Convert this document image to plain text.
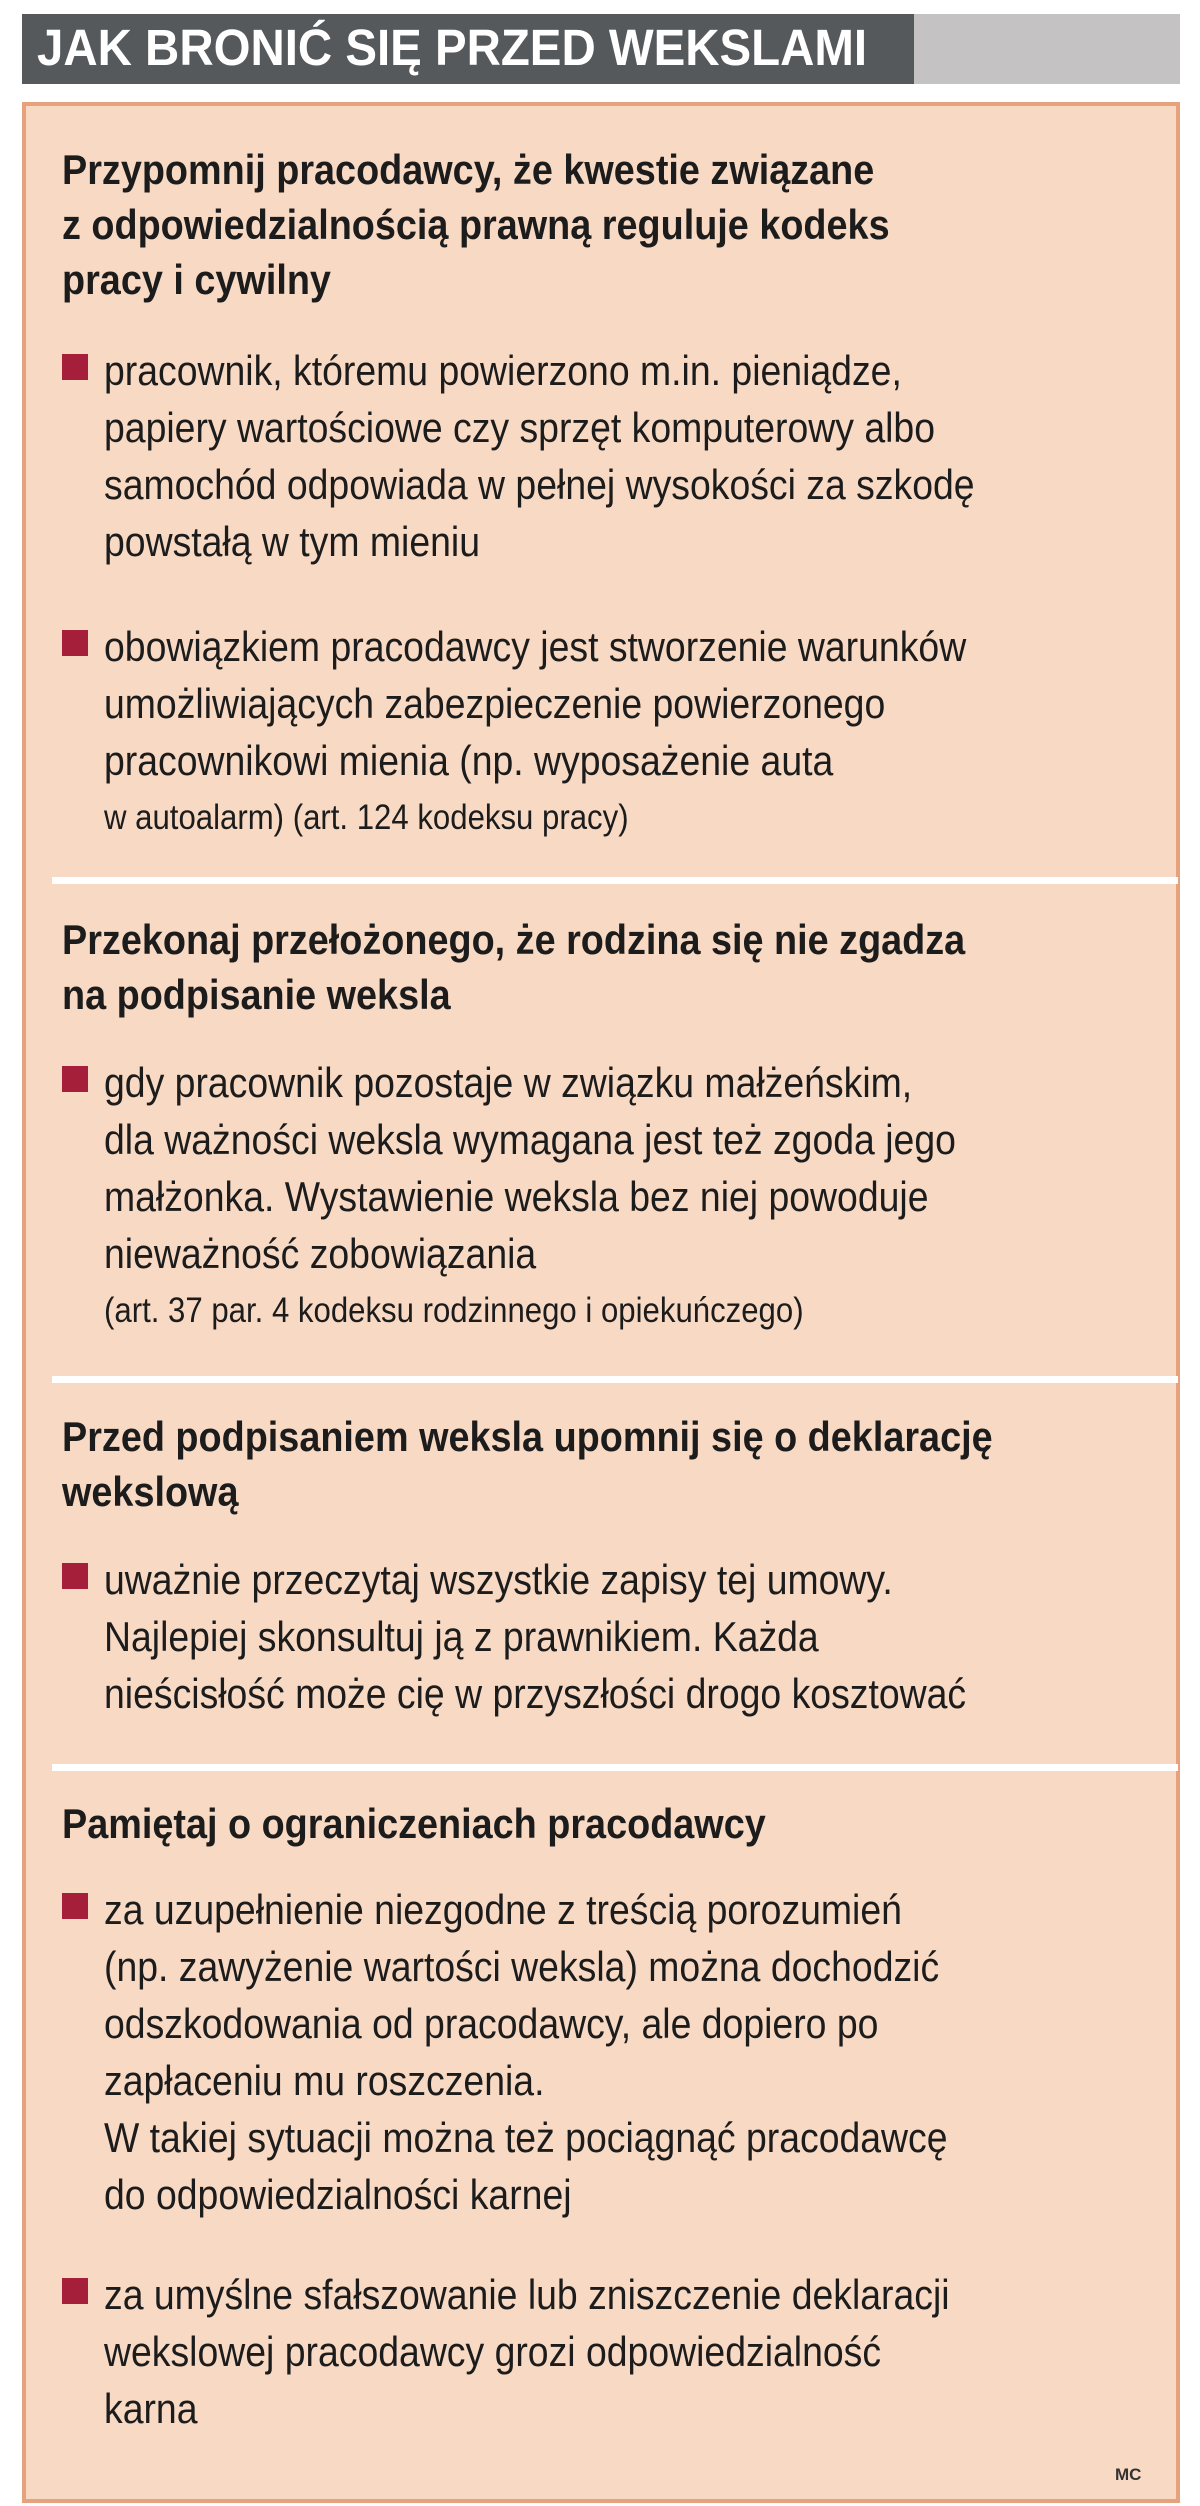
JAK BRONIĆ SIĘ PRZED WEKSLAMI
Przypomnij pracodawcy, że kwestie związane
z odpowiedzialnością prawną reguluje kodeks
pracy i cywilny
pracownik, któremu powierzono m.in. pieniądze,
papiery wartościowe czy sprzęt komputerowy albo
samochód odpowiada w pełnej wysokości za szkodę
powstałą w tym mieniu
obowiązkiem pracodawcy jest stworzenie warunków
umożliwiających zabezpieczenie powierzonego
pracownikowi mienia (np. wyposażenie auta
w autoalarm) (art. 124 kodeksu pracy)
Przekonaj przełożonego, że rodzina się nie zgadza
na podpisanie weksla
gdy pracownik pozostaje w związku małżeńskim,
dla ważności weksla wymagana jest też zgoda jego
małżonka. Wystawienie weksla bez niej powoduje
nieważność zobowiązania
(art. 37 par. 4 kodeksu rodzinnego i opiekuńczego)
Przed podpisaniem weksla upomnij się o deklarację
wekslową
uważnie przeczytaj wszystkie zapisy tej umowy.
Najlepiej skonsultuj ją z prawnikiem. Każda
nieścisłość może cię w przyszłości drogo kosztować
Pamiętaj o ograniczeniach pracodawcy
za uzupełnienie niezgodne z treścią porozumień
(np. zawyżenie wartości weksla) można dochodzić
odszkodowania od pracodawcy, ale dopiero po
zapłaceniu mu roszczenia.
W takiej sytuacji można też pociągnąć pracodawcę
do odpowiedzialności karnej
za umyślne sfałszowanie lub zniszczenie deklaracji
wekslowej pracodawcy grozi odpowiedzialność
karna
MC
